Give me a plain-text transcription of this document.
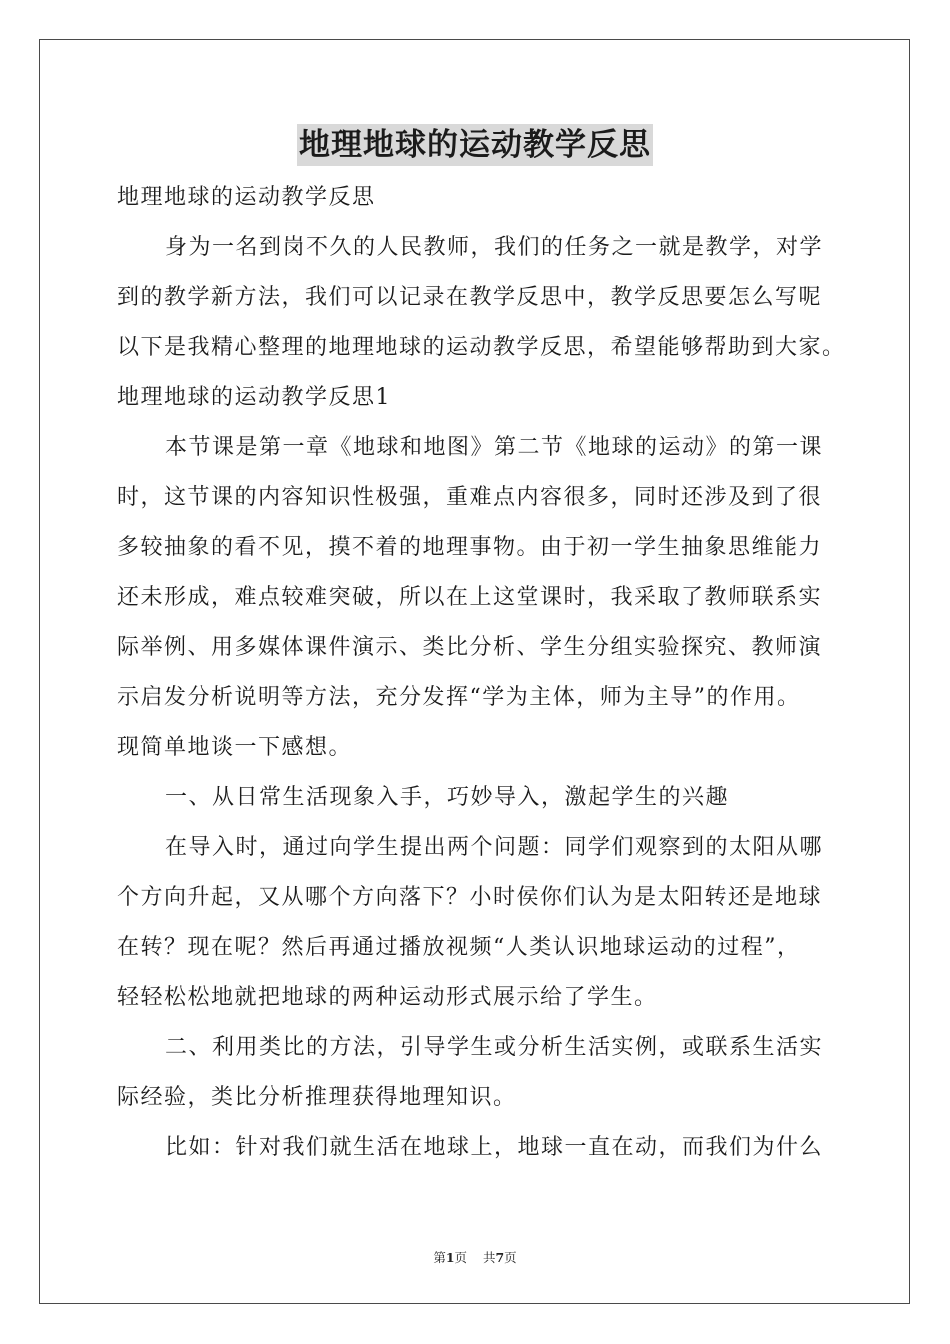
地理地球的运动教学反思
地理地球的运动教学反思
身为一名到岗不久的人民教师，我们的任务之一就是教学，对学
到的教学新方法，我们可以记录在教学反思中，教学反思要怎么写呢
以下是我精心整理的地理地球的运动教学反思，希望能够帮助到大家。
地理地球的运动教学反思1
本节课是第一章《地球和地图》第二节《地球的运动》的第一课
时，这节课的内容知识性极强，重难点内容很多，同时还涉及到了很
多较抽象的看不见，摸不着的地理事物。由于初一学生抽象思维能力
还未形成，难点较难突破，所以在上这堂课时，我采取了教师联系实
际举例、用多媒体课件演示、类比分析、学生分组实验探究、教师演
示启发分析说明等方法，充分发挥“学为主体，师为主导”的作用。
现简单地谈一下感想。
一、从日常生活现象入手，巧妙导入，激起学生的兴趣
在导入时，通过向学生提出两个问题：同学们观察到的太阳从哪
个方向升起，又从哪个方向落下？小时侯你们认为是太阳转还是地球
在转？现在呢？然后再通过播放视频“人类认识地球运动的过程”，
轻轻松松地就把地球的两种运动形式展示给了学生。
二、利用类比的方法，引导学生或分析生活实例，或联系生活实
际经验，类比分析推理获得地理知识。
比如：针对我们就生活在地球上，地球一直在动，而我们为什么
第1页 共7页
